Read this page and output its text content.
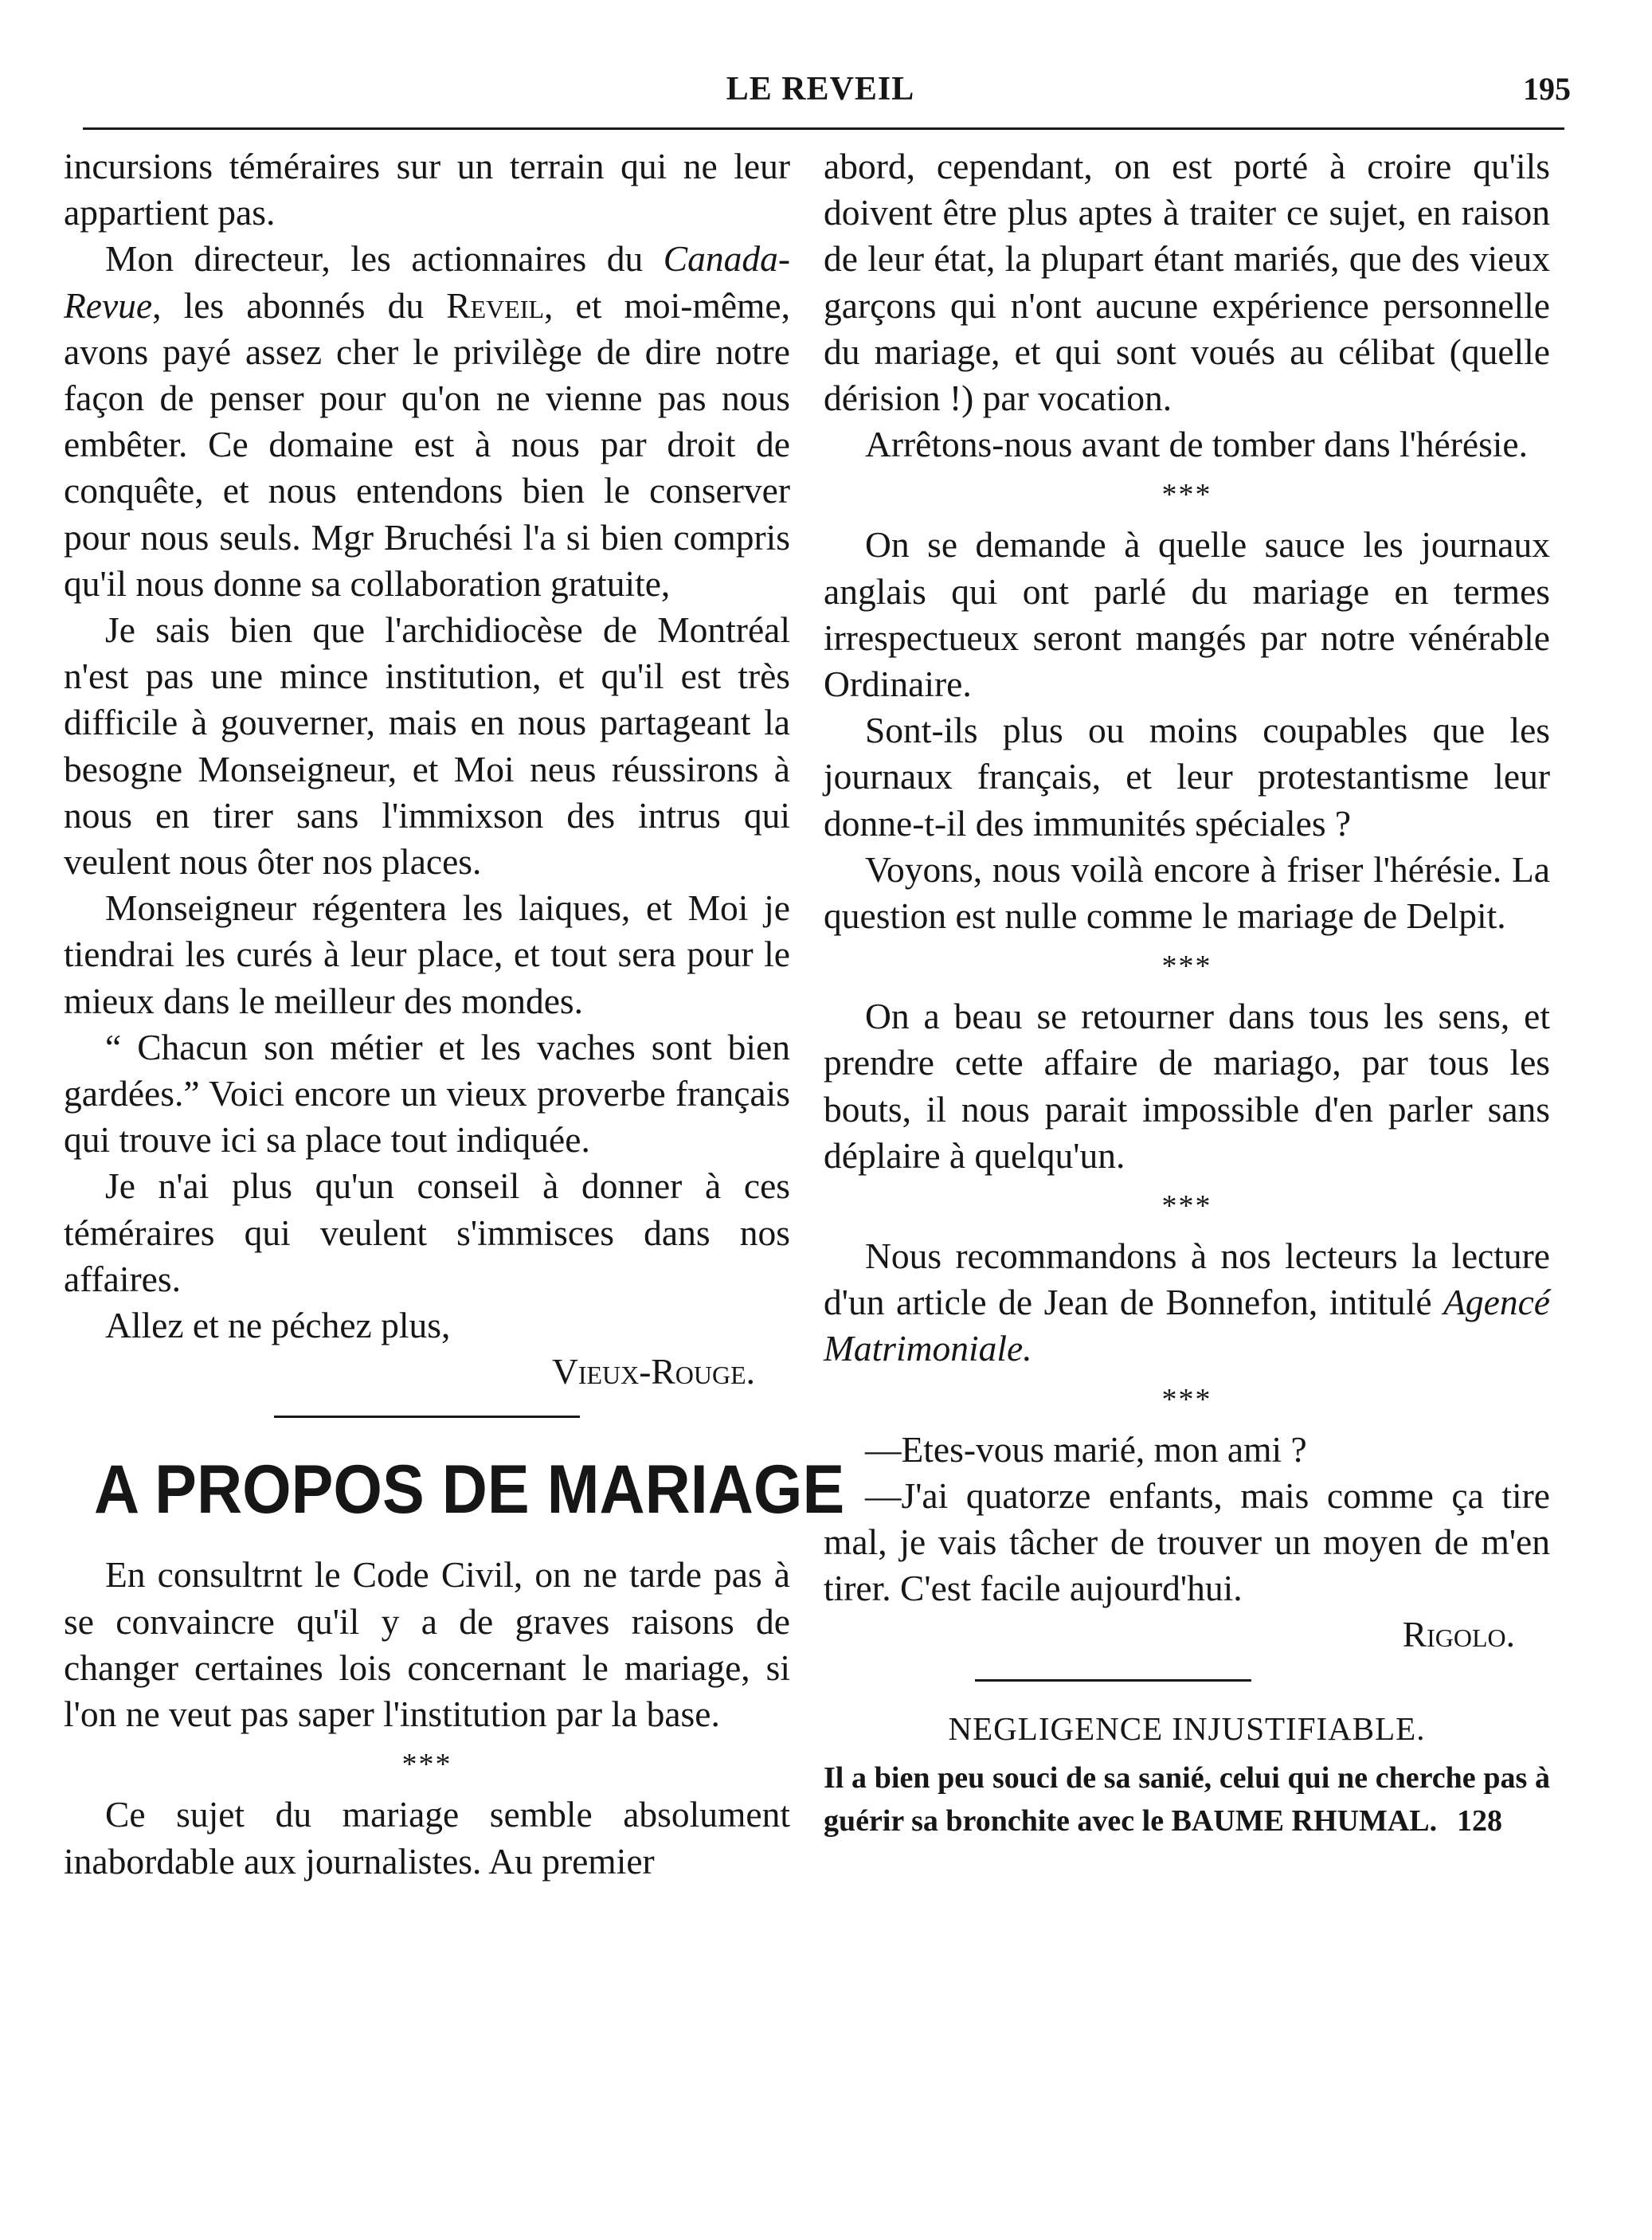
LE REVEIL	195

incursions téméraires sur un terrain qui ne leur appartient pas.

Mon directeur, les actionnaires du Canada-Revue, les abonnés du Reveil, et moi-même, avons payé assez cher le privilège de dire notre façon de penser pour qu'on ne vienne pas nous embêter. Ce domaine est à nous par droit de conquête, et nous entendons bien le conserver pour nous seuls. Mgr Bruchési l'a si bien compris qu'il nous donne sa collaboration gratuite,

Je sais bien que l'archidiocèse de Montréal n'est pas une mince institution, et qu'il est très difficile à gouverner, mais en nous partageant la besogne Monseigneur, et Moi neus réussirons à nous en tirer sans l'immixson des intrus qui veulent nous ôter nos places.

Monseigneur régentera les laiques, et Moi je tiendrai les curés à leur place, et tout sera pour le mieux dans le meilleur des mondes.

“ Chacun son métier et les vaches sont bien gardées.” Voici encore un vieux proverbe français qui trouve ici sa place tout indiquée.

Je n'ai plus qu'un conseil à donner à ces téméraires qui veulent s'immisces dans nos affaires.

Allez et ne péchez plus,

Vieux-Rouge.

A PROPOS DE MARIAGE

En consultrnt le Code Civil, on ne tarde pas à se convaincre qu'il y a de graves raisons de changer certaines lois concernant le mariage, si l'on ne veut pas saper l'institution par la base.

***

Ce sujet du mariage semble absolument inabordable aux journalistes. Au premier

abord, cependant, on est porté à croire qu'ils doivent être plus aptes à traiter ce sujet, en raison de leur état, la plupart étant mariés, que des vieux garçons qui n'ont aucune expérience personnelle du mariage, et qui sont voués au célibat (quelle dérision !) par vocation.

Arrêtons-nous avant de tomber dans l'hérésie.

***

On se demande à quelle sauce les journaux anglais qui ont parlé du mariage en termes irrespectueux seront mangés par notre vénérable Ordinaire.

Sont-ils plus ou moins coupables que les journaux français, et leur protestantisme leur donne-t-il des immunités spéciales ?

Voyons, nous voilà encore à friser l'hérésie. La question est nulle comme le mariage de Delpit.

***

On a beau se retourner dans tous les sens, et prendre cette affaire de mariago, par tous les bouts, il nous parait impossible d'en parler sans déplaire à quelqu'un.

***

Nous recommandons à nos lecteurs la lecture d'un article de Jean de Bonnefon, intitulé Agencé Matrimoniale.

***

—Etes-vous marié, mon ami ?

—J'ai quatorze enfants, mais comme ça tire mal, je vais tâcher de trouver un moyen de m'en tirer. C'est facile aujourd'hui.

Rigolo.

NEGLIGENCE INJUSTIFIABLE.

Il a bien peu souci de sa sanié, celui qui ne cherche pas à guérir sa bronchite avec le BAUME RHUMAL. 128
